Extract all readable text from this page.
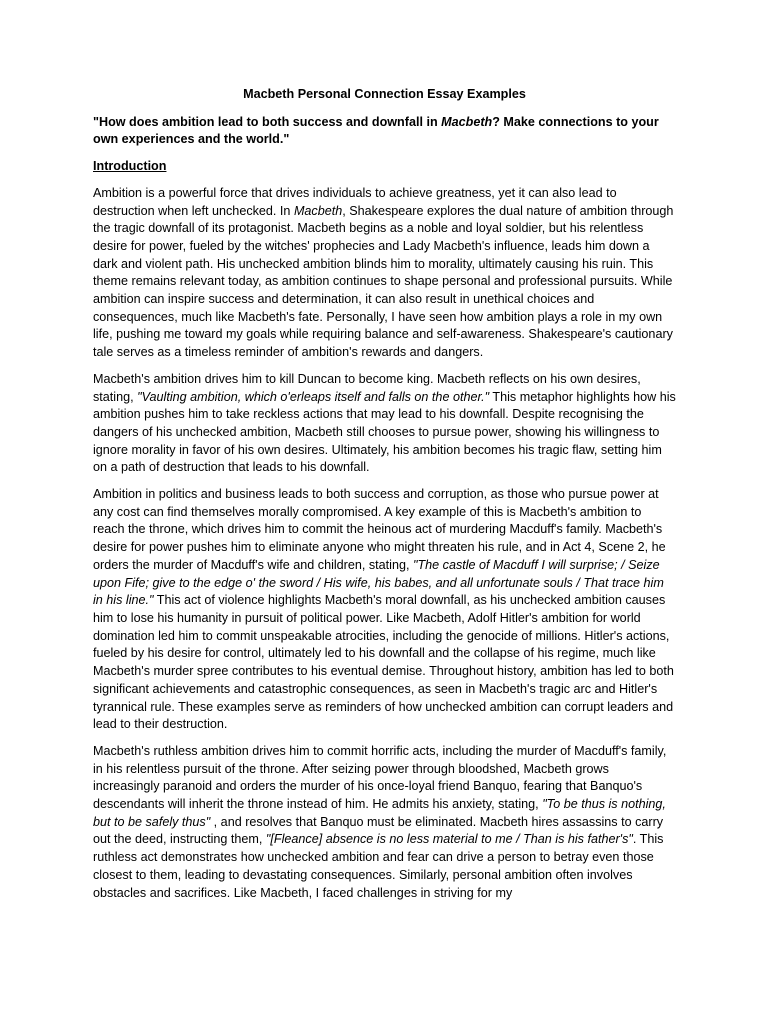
Macbeth Personal Connection Essay Examples
"How does ambition lead to both success and downfall in Macbeth? Make connections to your own experiences and the world."
Introduction

Ambition is a powerful force that drives individuals to achieve greatness, yet it can also lead to destruction when left unchecked. In Macbeth, Shakespeare explores the dual nature of ambition through the tragic downfall of its protagonist. Macbeth begins as a noble and loyal soldier, but his relentless desire for power, fueled by the witches' prophecies and Lady Macbeth's influence, leads him down a dark and violent path. His unchecked ambition blinds him to morality, ultimately causing his ruin. This theme remains relevant today, as ambition continues to shape personal and professional pursuits. While ambition can inspire success and determination, it can also result in unethical choices and consequences, much like Macbeth's fate. Personally, I have seen how ambition plays a role in my own life, pushing me toward my goals while requiring balance and self-awareness. Shakespeare's cautionary tale serves as a timeless reminder of ambition's rewards and dangers.

Macbeth's ambition drives him to kill Duncan to become king. Macbeth reflects on his own desires, stating, "Vaulting ambition, which o'erleaps itself and falls on the other." This metaphor highlights how his ambition pushes him to take reckless actions that may lead to his downfall. Despite recognising the dangers of his unchecked ambition, Macbeth still chooses to pursue power, showing his willingness to ignore morality in favor of his own desires. Ultimately, his ambition becomes his tragic flaw, setting him on a path of destruction that leads to his downfall.

Ambition in politics and business leads to both success and corruption, as those who pursue power at any cost can find themselves morally compromised. A key example of this is Macbeth's ambition to reach the throne, which drives him to commit the heinous act of murdering Macduff's family. Macbeth's desire for power pushes him to eliminate anyone who might threaten his rule, and in Act 4, Scene 2, he orders the murder of Macduff's wife and children, stating, "The castle of Macduff I will surprise; / Seize upon Fife; give to the edge o' the sword / His wife, his babes, and all unfortunate souls / That trace him in his line." This act of violence highlights Macbeth's moral downfall, as his unchecked ambition causes him to lose his humanity in pursuit of political power. Like Macbeth, Adolf Hitler's ambition for world domination led him to commit unspeakable atrocities, including the genocide of millions. Hitler's actions, fueled by his desire for control, ultimately led to his downfall and the collapse of his regime, much like Macbeth's murder spree contributes to his eventual demise. Throughout history, ambition has led to both significant achievements and catastrophic consequences, as seen in Macbeth's tragic arc and Hitler's tyrannical rule. These examples serve as reminders of how unchecked ambition can corrupt leaders and lead to their destruction.

Macbeth's ruthless ambition drives him to commit horrific acts, including the murder of Macduff's family, in his relentless pursuit of the throne. After seizing power through bloodshed, Macbeth grows increasingly paranoid and orders the murder of his once-loyal friend Banquo, fearing that Banquo's descendants will inherit the throne instead of him. He admits his anxiety, stating, "To be thus is nothing, but to be safely thus" , and resolves that Banquo must be eliminated. Macbeth hires assassins to carry out the deed, instructing them, "[Fleance] absence is no less material to me / Than is his father's". This ruthless act demonstrates how unchecked ambition and fear can drive a person to betray even those closest to them, leading to devastating consequences. Similarly, personal ambition often involves obstacles and sacrifices. Like Macbeth, I faced challenges in striving for my
